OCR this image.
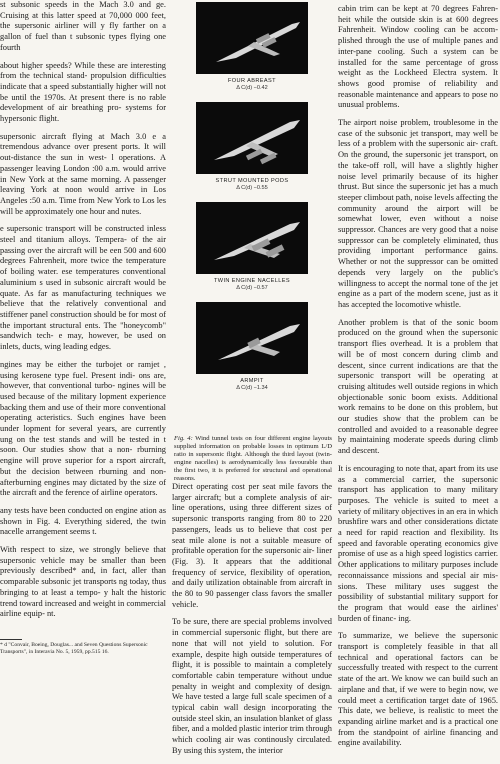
st subsonic speeds in the Mach 3.0 and ge. Cruising at this latter speed at 70,000 000 feet, the supersonic airliner will y fly farther on a gallon of fuel than t subsonic types flying one fourth

about higher speeds? While these are interesting from the technical stand- propulsion difficulties indicate that a speed substantially higher will not be until the 1970s. At present there is no rable development of air breathing pro- systems for hypersonic flight.

supersonic aircraft flying at Mach 3.0 e a tremendous advance over present ports. It will out-distance the sun in west- l operations. A passenger leaving London :00 a.m. would arrive in New York at the same morning. A passenger leaving York at noon would arrive in Los Angeles :50 a.m. Time from New York to Los les will be approximately one hour and nutes.

e supersonic transport will be constructed inless steel and titanium alloys. Tempera- of the air passing over the aircraft will be een 500 and 600 degrees Fahrenheit, more twice the temperature of boiling water. ese temperatures conventional aluminium s used in subsonic aircraft would be quate. As far as manufacturing techniques we believe that the relatively conventional and stiffener panel construction should be for most of the important structural ents. The "honeycomb" sandwich tech- e may, however, be used on inlets, ducts, wing leading edges.

ngines may be either the turbojet or ramjet , using kerosene type fuel. Present indi- ons are, however, that conventional turbo- ngines will be used because of the military lopment experience backing them and use of their more conventional operating acteristics. Such engines have been under lopment for several years, are currently ung on the test stands and will be tested in t soon. Our studies show that a non- rburning engine will prove superior for a rsport aircraft, but the decision between rburning and non-afterburning engines may dictated by the size of the aircraft and the ference of airline operators.

any tests have been conducted on engine ation as shown in Fig. 4. Everything sidered, the twin nacelle arrangement seems t.

With respect to size, we strongly believe that supersonic vehicle may be smaller than been previously described* and, in fact, aller than comparable subsonic jet transports ng today, thus bringing to at least a tempo- y halt the historic trend toward increased and weight in commercial airline equip- nt.

* d "Convair, Boeing, Douglas... and Seven Questions Supersonic Transports", in Interavia No. 5, 1959, pp.515 16.
FOUR ABREAST
Δ C(d) −0.42
STRUT MOUNTED PODS
Δ C(d) −0.55
TWIN ENGINE NACELLES
Δ C(d) −0.57
ARMPIT
Δ C(d) −1.34
Fig. 4: Wind tunnel tests on four different engine layouts supplied information on probable losses in optimum L/D ratio in supersonic flight. Although the third layout (twin-engine nacelles) is aerodynamically less favourable than the first two, it is preferred for structural and operational reasons.

Direct operating cost per seat mile favors the larger aircraft; but a complete analysis of air- line operations, using three different sizes of supersonic transports ranging from 80 to 220 passengers, leads us to believe that cost per seat mile alone is not a suitable measure of profitable operation for the supersonic air- liner (Fig. 3). It appears that the additional frequency of service, flexibility of operation, and daily utilization obtainable from aircraft in the 80 to 90 passenger class favors the smaller vehicle.

To be sure, there are special problems involved in commercial supersonic flight, but there are none that will not yield to solution. For example, despite high outside temperatures of flight, it is possible to maintain a completely comfortable cabin temperature without undue penalty in weight and complexity of design. We have tested a large full scale specimen of a typical cabin wall design incorporating the outside steel skin, an insulation blanket of glass fiber, and a molded plastic interior trim through which cooling air was continously circulated. By using this system, the interior

cabin trim can be kept at 70 degrees Fahren- heit while the outside skin is at 600 degrees Fahrenheit. Window cooling can be accom- plished through the use of multiple panes and inter-pane cooling. Such a system can be installed for the same percentage of gross weight as the Lockheed Electra system. It shows good promise of reliability and reasonable maintenance and appears to pose no unusual problems.

The airport noise problem, troublesome in the case of the subsonic jet transport, may well be less of a problem with the supersonic air- craft. On the ground, the supersonic jet transport, on the take-off roll, will have a slightly higher noise level primarily because of its higher thrust. But since the supersonic jet has a much steeper climbout path, noise levels affecting the community around the airport will be somewhat lower, even without a noise suppressor. Chances are very good that a noise suppressor can be completely eliminated, thus providing important performance gains. Whether or not the suppressor can be omitted depends very largely on the public's willingness to accept the normal tone of the jet engine as a part of the modern scene, just as it has accepted the locomotive whistle.

Another problem is that of the sonic boom produced on the ground when the supersonic transport flies overhead. It is a problem that will be of most concern during climb and descent, since current indications are that the supersonic transport will be operating at cruising altitudes well outside regions in which objectionable sonic boom exists. Additional work remains to be done on this problem, but our studies show that the problem can be controlled and avoided to a reasonable degree by maintaining moderate speeds during climb and descent.

It is encouraging to note that, apart from its use as a commercial carrier, the supersonic transport has application to many military purposes. The vehicle is suited to meet a variety of military objectives in an era in which brushfire wars and other considerations dictate a need for rapid reaction and flexibility. Its speed and favorable operating economics give promise of use as a high speed logistics carrier. Other applications to military purposes include reconnaissance missions and special air mis- sions. These military uses suggest the possibility of substantial military support for the program that would ease the airlines' burden of financ- ing.

To summarize, we believe the supersonic transport is completely feasible in that all technical and operational factors can be successfully treated with respect to the current state of the art. We know we can build such an airplane and that, if we were to begin now, we could meet a certification target date of 1965. This date, we believe, is realistic to meet the expanding airline market and is a practical one from the standpoint of airline financing and engine availability.
